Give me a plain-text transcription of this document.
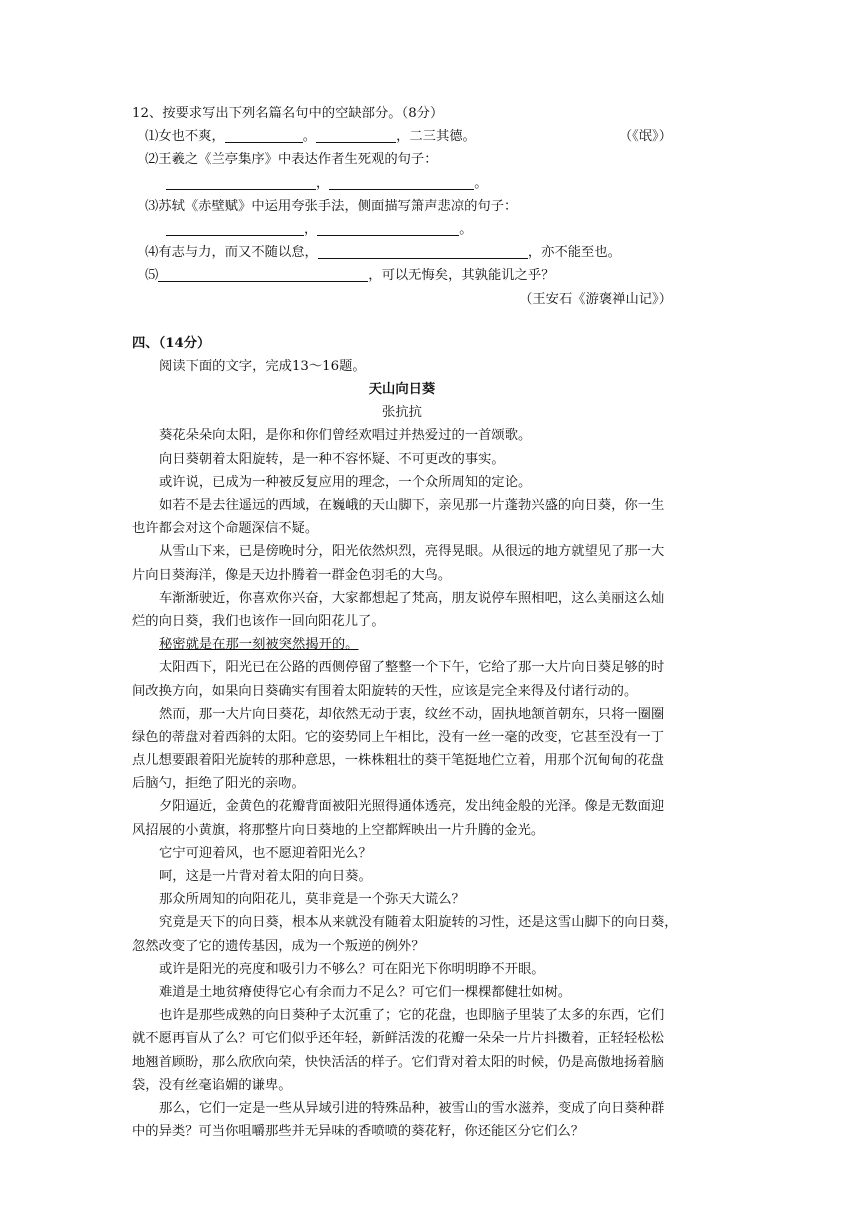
12、按要求写出下列名篇名句中的空缺部分。（8分）
⑴女也不爽，	。	，二三其德。	（《氓》）
⑵王羲之《兰亭集序》中表达作者生死观的句子：
，	。
⑶苏轼《赤壁赋》中运用夸张手法，侧面描写箫声悲凉的句子：
，	。
⑷有志与力，而又不随以怠，	，亦不能至也。
⑸	，可以无悔矣，其孰能讥之乎？
（王安石《游褒禅山记》）
四、（14分）
阅读下面的文字，完成13～16题。
天山向日葵
张抗抗
葵花朵朵向太阳，是你和你们曾经欢唱过并热爱过的一首颂歌。
向日葵朝着太阳旋转，是一种不容怀疑、不可更改的事实。
或许说，已成为一种被反复应用的理念，一个众所周知的定论。
如若不是去往遥远的西域，在巍峨的天山脚下，亲见那一片蓬勃兴盛的向日葵，你一生
也许都会对这个命题深信不疑。
从雪山下来，已是傍晚时分，阳光依然炽烈，亮得晃眼。从很远的地方就望见了那一大
片向日葵海洋，像是天边扑腾着一群金色羽毛的大鸟。
车渐渐驶近，你喜欢你兴奋，大家都想起了梵高，朋友说停车照相吧，这么美丽这么灿
烂的向日葵，我们也该作一回向阳花儿了。
秘密就是在那一刻被突然揭开的。
太阳西下，阳光已在公路的西侧停留了整整一个下午，它给了那一大片向日葵足够的时
间改换方向，如果向日葵确实有围着太阳旋转的天性，应该是完全来得及付诸行动的。
然而，那一大片向日葵花，却依然无动于衷，纹丝不动，固执地颔首朝东，只将一圈圈
绿色的蒂盘对着西斜的太阳。它的姿势同上午相比，没有一丝一毫的改变，它甚至没有一丁
点儿想要跟着阳光旋转的那种意思，一株株粗壮的葵干笔挺地伫立着，用那个沉甸甸的花盘
后脑勺，拒绝了阳光的亲吻。
夕阳逼近，金黄色的花瓣背面被阳光照得通体透亮，发出纯金般的光泽。像是无数面迎
风招展的小黄旗，将那整片向日葵地的上空都辉映出一片升腾的金光。
它宁可迎着风，也不愿迎着阳光么？
呵，这是一片背对着太阳的向日葵。
那众所周知的向阳花儿，莫非竟是一个弥天大谎么？
究竟是天下的向日葵，根本从来就没有随着太阳旋转的习性，还是这雪山脚下的向日葵，
忽然改变了它的遗传基因，成为一个叛逆的例外？
或许是阳光的亮度和吸引力不够么？可在阳光下你明明睁不开眼。
难道是土地贫瘠使得它心有余而力不足么？可它们一棵棵都健壮如树。
也许是那些成熟的向日葵种子太沉重了；它的花盘，也即脑子里装了太多的东西，它们
就不愿再盲从了么？可它们似乎还年轻，新鲜活泼的花瓣一朵朵一片片抖擞着，正轻轻松松
地翘首顾盼，那么欣欣向荣，快快活活的样子。它们背对着太阳的时候，仍是高傲地扬着脑
袋，没有丝毫谄媚的谦卑。
那么，它们一定是一些从异域引进的特殊品种，被雪山的雪水滋养，变成了向日葵种群
中的异类？可当你咀嚼那些并无异味的香喷喷的葵花籽，你还能区分它们么？
